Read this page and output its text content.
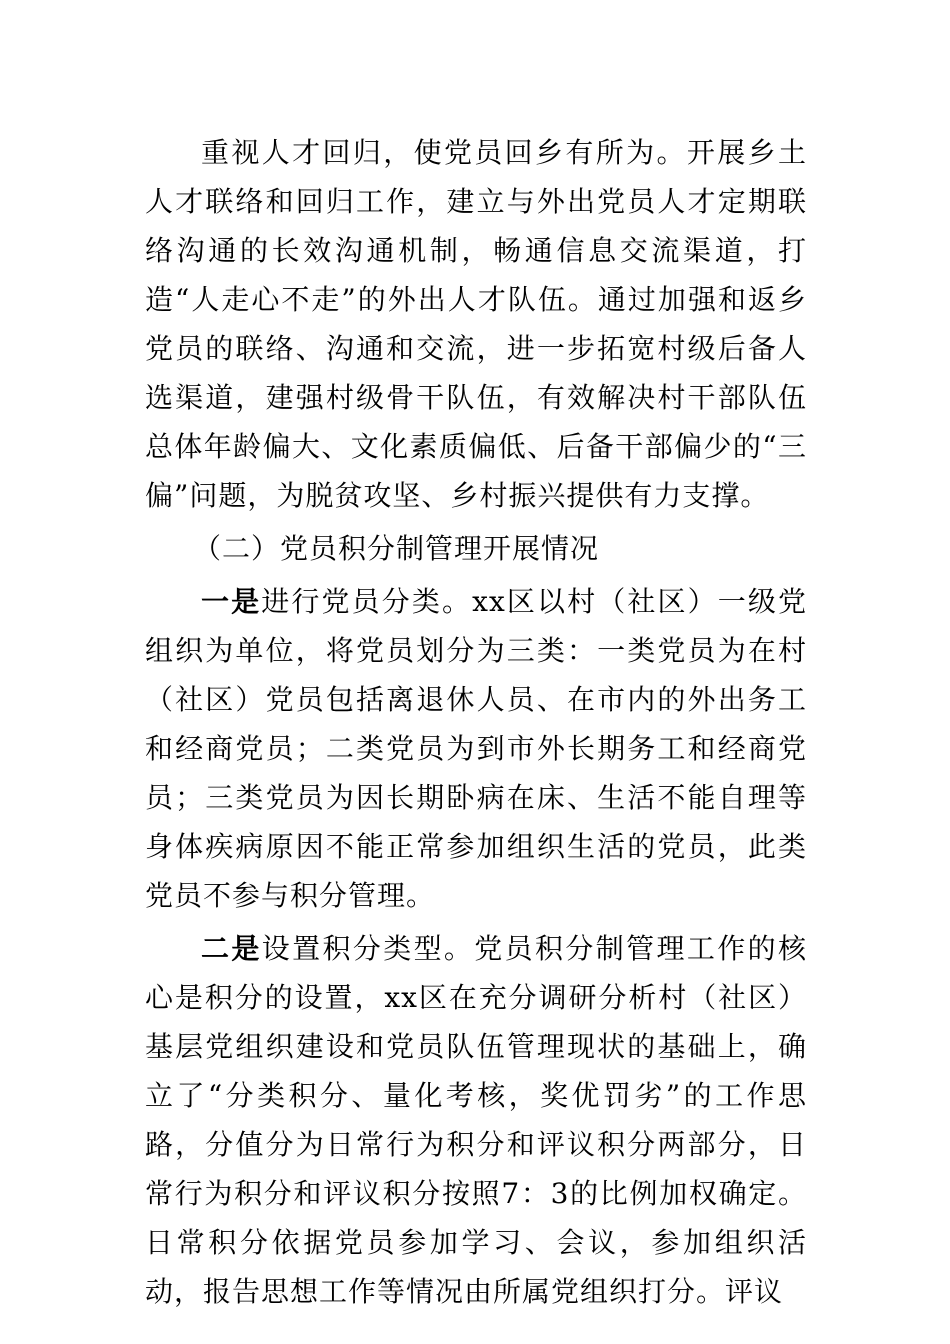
重视人才回归，使党员回乡有所为。开展乡土人才联络和回归工作，建立与外出党员人才定期联络沟通的长效沟通机制，畅通信息交流渠道，打造“人走心不走”的外出人才队伍。通过加强和返乡党员的联络、沟通和交流，进一步拓宽村级后备人选渠道，建强村级骨干队伍，有效解决村干部队伍总体年龄偏大、文化素质偏低、后备干部偏少的“三偏”问题，为脱贫攻坚、乡村振兴提供有力支撑。

（二）党员积分制管理开展情况

一是进行党员分类。xx区以村（社区）一级党组织为单位，将党员划分为三类：一类党员为在村（社区）党员包括离退休人员、在市内的外出务工和经商党员；二类党员为到市外长期务工和经商党员；三类党员为因长期卧病在床、生活不能自理等身体疾病原因不能正常参加组织生活的党员，此类党员不参与积分管理。

二是设置积分类型。党员积分制管理工作的核心是积分的设置，xx区在充分调研分析村（社区）基层党组织建设和党员队伍管理现状的基础上，确立了“分类积分、量化考核，奖优罚劣”的工作思路，分值分为日常行为积分和评议积分两部分，日常行为积分和评议积分按照7：3的比例加权确定。日常积分依据党员参加学习、会议，参加组织活动，报告思想工作等情况由所属党组织打分。评议
